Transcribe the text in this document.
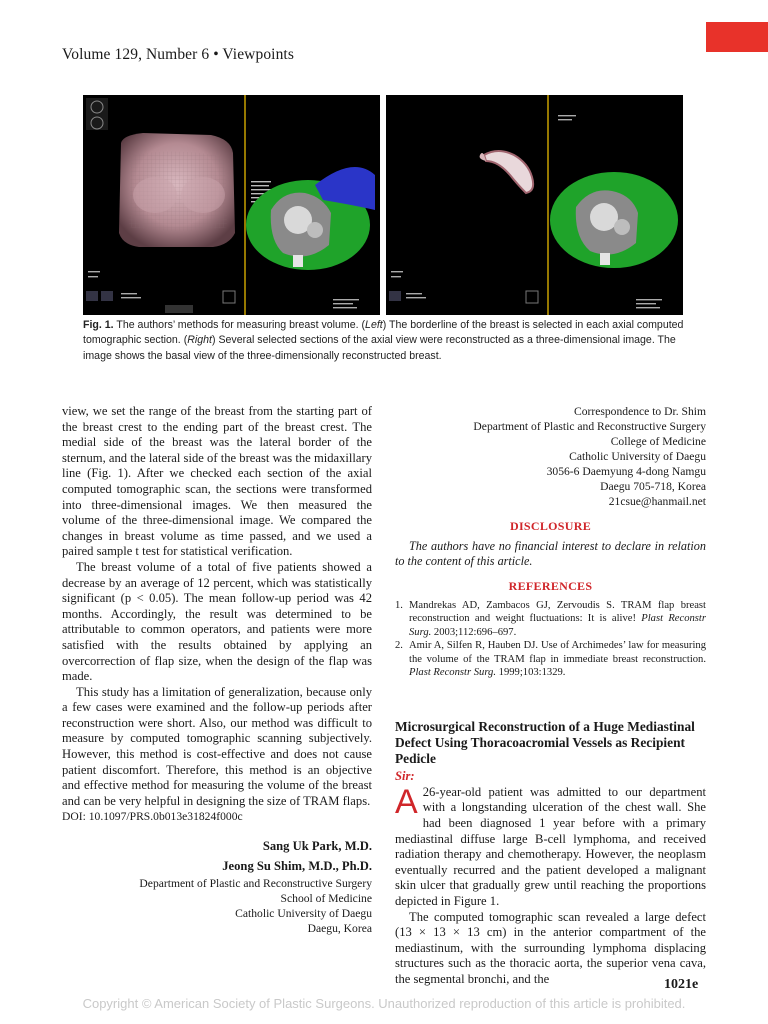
Volume 129, Number 6 • Viewpoints
Fig. 1. The authors’ methods for measuring breast volume. (Left) The borderline of the breast is selected in each axial computed tomographic section. (Right) Several selected sections of the axial view were reconstructed as a three-dimensional image. The image shows the basal view of the three-dimensionally reconstructed breast.

view, we set the range of the breast from the starting part of the breast crest to the ending part of the breast crest. The medial side of the breast was the lateral border of the sternum, and the lateral side of the breast was the midaxillary line (Fig. 1). After we checked each section of the axial computed tomographic scan, the sections were transformed into three-dimensional images. We then measured the volume of the three-dimensional image. We compared the changes in breast volume as time passed, and we used a paired sample t test for statistical verification.

The breast volume of a total of five patients showed a decrease by an average of 12 percent, which was statistically significant (p < 0.05). The mean follow-up period was 42 months. Accordingly, the result was determined to be attributable to common operators, and patients were more satisfied with the results obtained by applying an overcorrection of flap size, when the design of the flap was made.

This study has a limitation of generalization, because only a few cases were examined and the follow-up periods after reconstruction were short. Also, our method was difficult to measure by computed tomographic scanning subjectively. However, this method is cost-effective and does not cause patient discomfort. Therefore, this method is an objective and effective method for measuring the volume of the breast and can be very helpful in designing the size of TRAM flaps.

DOI: 10.1097/PRS.0b013e31824f000c

Sang Uk Park, M.D.

Jeong Su Shim, M.D., Ph.D.

Department of Plastic and Reconstructive Surgery

School of Medicine

Catholic University of Daegu

Daegu, Korea

Correspondence to Dr. Shim

Department of Plastic and Reconstructive Surgery

College of Medicine

Catholic University of Daegu

3056-6 Daemyung 4-dong Namgu

Daegu 705-718, Korea

21csue@hanmail.net

DISCLOSURE

The authors have no financial interest to declare in relation to the content of this article.

REFERENCES

1. Mandrekas AD, Zambacos GJ, Zervoudis S. TRAM flap breast reconstruction and weight fluctuations: It is alive! Plast Reconstr Surg. 2003;112:696–697.
2. Amir A, Silfen R, Hauben DJ. Use of Archimedes’ law for measuring the volume of the TRAM flap in immediate breast reconstruction. Plast Reconstr Surg. 1999;103:1329.

Microsurgical Reconstruction of a Huge Mediastinal Defect Using Thoracoacromial Vessels as Recipient Pedicle

Sir:

A 26-year-old patient was admitted to our department with a longstanding ulceration of the chest wall. She had been diagnosed 1 year before with a primary mediastinal diffuse large B-cell lymphoma, and received radiation therapy and chemotherapy. However, the neoplasm eventually recurred and the patient developed a malignant skin ulcer that gradually grew until reaching the proportions depicted in Figure 1.

The computed tomographic scan revealed a large defect (13 × 13 × 13 cm) in the anterior compartment of the mediastinum, with the surrounding lymphoma displacing structures such as the thoracic aorta, the superior vena cava, the segmental bronchi, and the	1021e
Copyright © American Society of Plastic Surgeons. Unauthorized reproduction of this article is prohibited.
